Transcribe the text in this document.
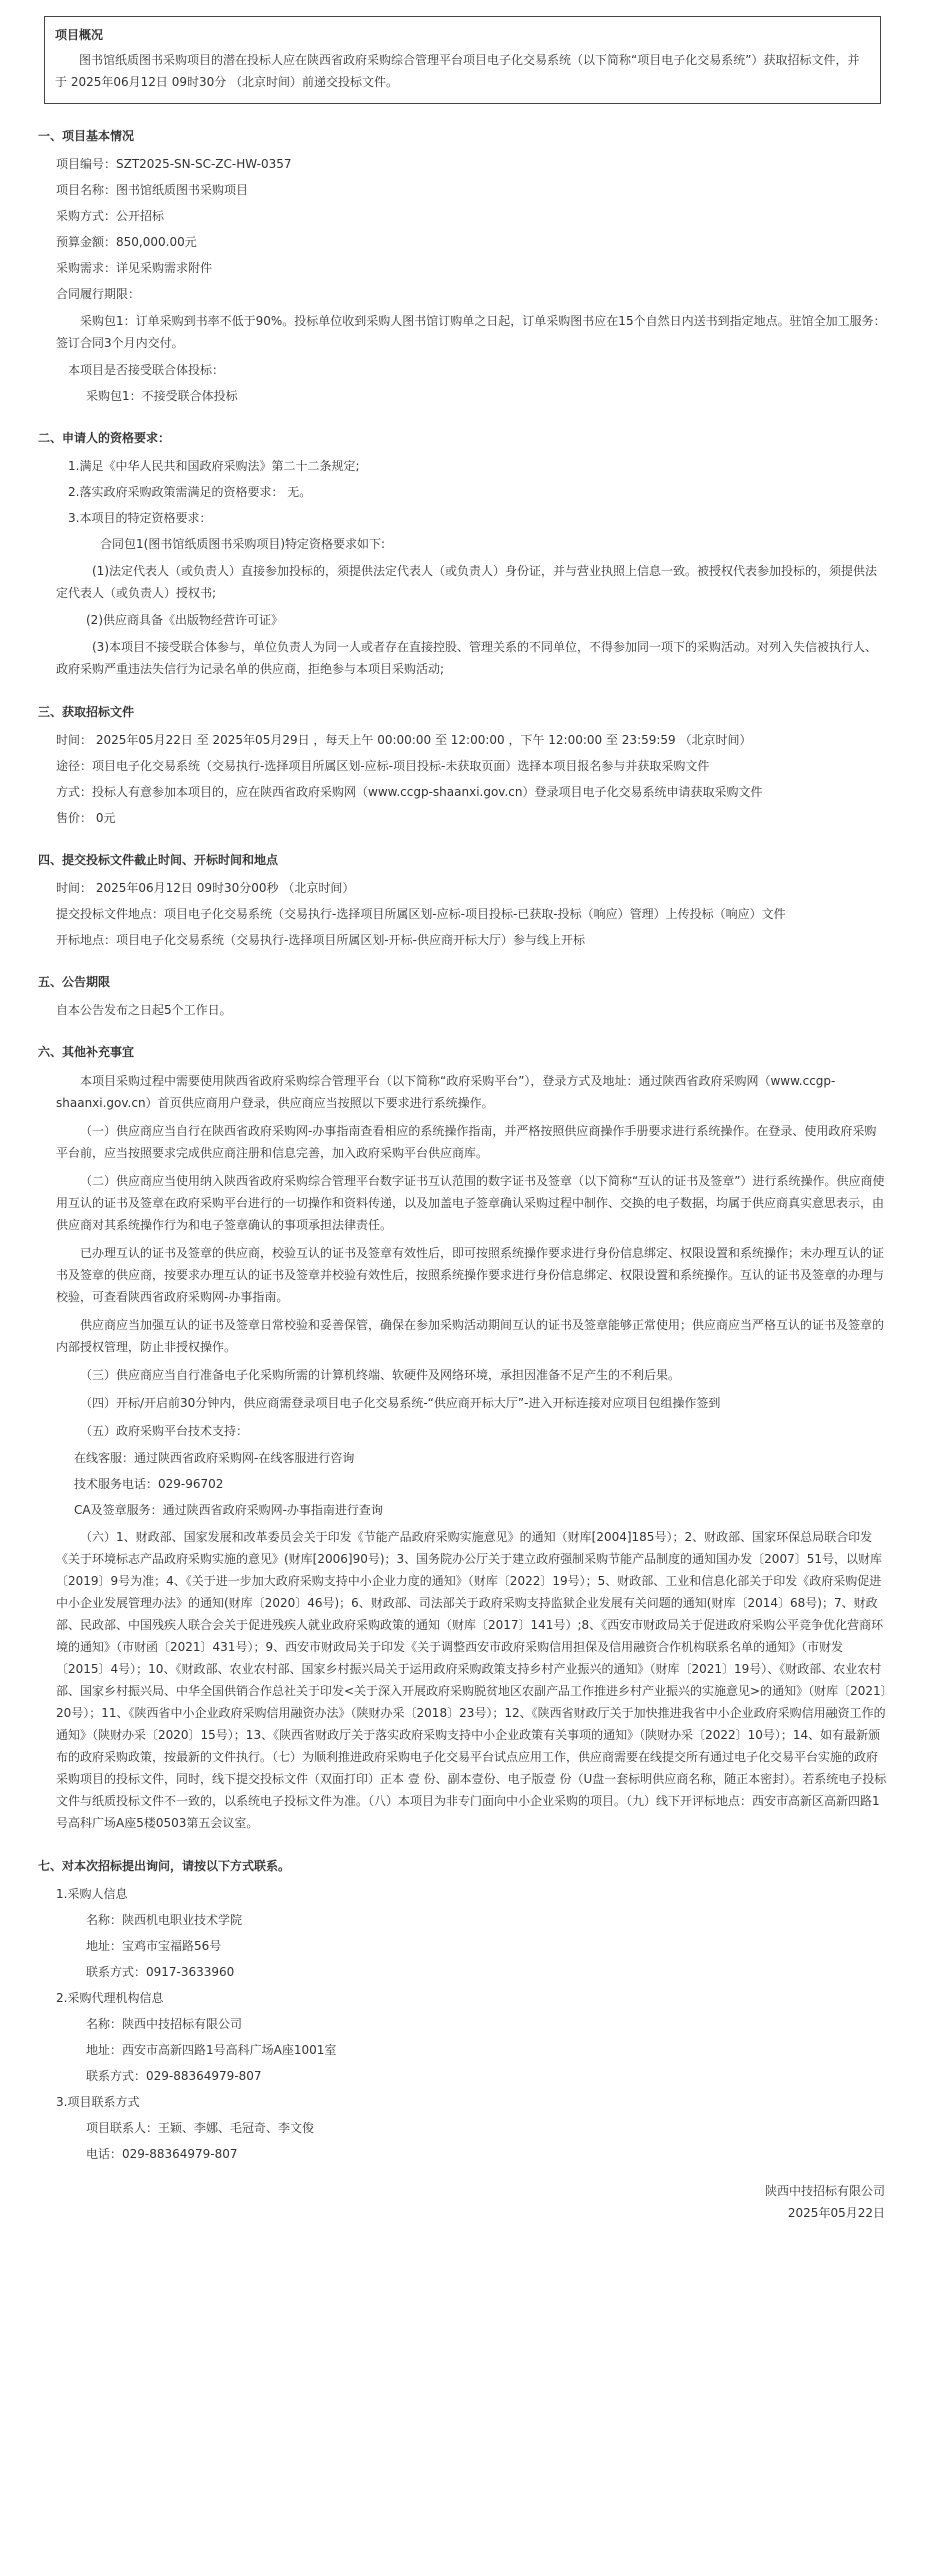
项目概况
图书馆纸质图书采购项目的潜在投标人应在陕西省政府采购综合管理平台项目电子化交易系统（以下简称“项目电子化交易系统”）获取招标文件，并于 2025年06月12日 09时30分 （北京时间）前递交投标文件。
一、项目基本情况
项目编号：SZT2025-SN-SC-ZC-HW-0357
项目名称：图书馆纸质图书采购项目
采购方式：公开招标
预算金额：850,000.00元
采购需求：详见采购需求附件
合同履行期限：
采购包1：订单采购到书率不低于90%。投标单位收到采购人图书馆订购单之日起，订单采购图书应在15个自然日内送书到指定地点。驻馆全加工服务：签订合同3个月内交付。
本项目是否接受联合体投标：
采购包1：不接受联合体投标
二、申请人的资格要求：
1.满足《中华人民共和国政府采购法》第二十二条规定;
2.落实政府采购政策需满足的资格要求： 无。
3.本项目的特定资格要求：
合同包1(图书馆纸质图书采购项目)特定资格要求如下:
(1)法定代表人（或负责人）直接参加投标的，须提供法定代表人（或负责人）身份证，并与营业执照上信息一致。被授权代表参加投标的，须提供法定代表人（或负责人）授权书;
(2)供应商具备《出版物经营许可证》
(3)本项目不接受联合体参与，单位负责人为同一人或者存在直接控股、管理关系的不同单位，不得参加同一项下的采购活动。对列入失信被执行人、政府采购严重违法失信行为记录名单的供应商，拒绝参与本项目采购活动;
三、获取招标文件
时间： 2025年05月22日 至 2025年05月29日 ，每天上午 00:00:00 至 12:00:00 ，下午 12:00:00 至 23:59:59 （北京时间）
途径：项目电子化交易系统（交易执行-选择项目所属区划-应标-项目投标-未获取页面）选择本项目报名参与并获取采购文件
方式：投标人有意参加本项目的，应在陕西省政府采购网（www.ccgp-shaanxi.gov.cn）登录项目电子化交易系统申请获取采购文件
售价： 0元
四、提交投标文件截止时间、开标时间和地点
时间： 2025年06月12日 09时30分00秒 （北京时间）
提交投标文件地点：项目电子化交易系统（交易执行-选择项目所属区划-应标-项目投标-已获取-投标（响应）管理）上传投标（响应）文件
开标地点：项目电子化交易系统（交易执行-选择项目所属区划-开标-供应商开标大厅）参与线上开标
五、公告期限
自本公告发布之日起5个工作日。
六、其他补充事宜
本项目采购过程中需要使用陕西省政府采购综合管理平台（以下简称“政府采购平台”），登录方式及地址：通过陕西省政府采购网（www.ccgp-shaanxi.gov.cn）首页供应商用户登录，供应商应当按照以下要求进行系统操作。
（一）供应商应当自行在陕西省政府采购网-办事指南查看相应的系统操作指南，并严格按照供应商操作手册要求进行系统操作。在登录、使用政府采购平台前，应当按照要求完成供应商注册和信息完善，加入政府采购平台供应商库。
（二）供应商应当使用纳入陕西省政府采购综合管理平台数字证书互认范围的数字证书及签章（以下简称“互认的证书及签章”）进行系统操作。供应商使用互认的证书及签章在政府采购平台进行的一切操作和资料传递，以及加盖电子签章确认采购过程中制作、交换的电子数据，均属于供应商真实意思表示，由供应商对其系统操作行为和电子签章确认的事项承担法律责任。
已办理互认的证书及签章的供应商，校验互认的证书及签章有效性后，即可按照系统操作要求进行身份信息绑定、权限设置和系统操作；未办理互认的证书及签章的供应商，按要求办理互认的证书及签章并校验有效性后，按照系统操作要求进行身份信息绑定、权限设置和系统操作。互认的证书及签章的办理与校验，可查看陕西省政府采购网-办事指南。
供应商应当加强互认的证书及签章日常校验和妥善保管，确保在参加采购活动期间互认的证书及签章能够正常使用；供应商应当严格互认的证书及签章的内部授权管理，防止非授权操作。
（三）供应商应当自行准备电子化采购所需的计算机终端、软硬件及网络环境，承担因准备不足产生的不利后果。
（四）开标/开启前30分钟内，供应商需登录项目电子化交易系统-“供应商开标大厅”-进入开标连接对应项目包组操作签到
（五）政府采购平台技术支持：
在线客服：通过陕西省政府采购网-在线客服进行咨询
技术服务电话：029-96702
CA及签章服务：通过陕西省政府采购网-办事指南进行查询
（六）1、财政部、国家发展和改革委员会关于印发《节能产品政府采购实施意见》的通知（财库[2004]185号）；2、财政部、国家环保总局联合印发《关于环境标志产品政府采购实施的意见》(财库[2006]90号)；3、国务院办公厅关于建立政府强制采购节能产品制度的通知国办发〔2007〕51号，以财库〔2019〕9号为准；4、《关于进一步加大政府采购支持中小企业力度的通知》（财库〔2022〕19号）；5、财政部、工业和信息化部关于印发《政府采购促进中小企业发展管理办法》的通知(财库〔2020〕46号)；6、财政部、司法部关于政府采购支持监狱企业发展有关问题的通知(财库〔2014〕68号)；7、财政部、民政部、中国残疾人联合会关于促进残疾人就业政府采购政策的通知（财库〔2017〕141号）;8、《西安市财政局关于促进政府采购公平竞争优化营商环境的通知》（市财函〔2021〕431号）；9、西安市财政局关于印发《关于调整西安市政府采购信用担保及信用融资合作机构联系名单的通知》（市财发〔2015〕4号）；10、《财政部、农业农村部、国家乡村振兴局关于运用政府采购政策支持乡村产业振兴的通知》（财库〔2021〕19号）、《财政部、农业农村部、国家乡村振兴局、中华全国供销合作总社关于印发<关于深入开展政府采购脱贫地区农副产品工作推进乡村产业振兴的实施意见>的通知》（财库〔2021〕20号）；11、《陕西省中小企业政府采购信用融资办法》（陕财办采〔2018〕23号）；12、《陕西省财政厅关于加快推进我省中小企业政府采购信用融资工作的通知》（陕财办采〔2020〕15号）；13、《陕西省财政厅关于落实政府采购支持中小企业政策有关事项的通知》（陕财办采〔2022〕10号）；14、如有最新颁布的政府采购政策，按最新的文件执行。（七）为顺利推进政府采购电子化交易平台试点应用工作，供应商需要在线提交所有通过电子化交易平台实施的政府采购项目的投标文件，同时，线下提交投标文件（双面打印）正本 壹 份、副本壹份、电子版壹 份（U盘一套标明供应商名称，随正本密封）。若系统电子投标文件与纸质投标文件不一致的，以系统电子投标文件为准。（八）本项目为非专门面向中小企业采购的项目。（九）线下开评标地点：西安市高新区高新四路1号高科广场A座5楼0503第五会议室。
七、对本次招标提出询问，请按以下方式联系。
1.采购人信息
名称：陕西机电职业技术学院
地址：宝鸡市宝福路56号
联系方式：0917-3633960
2.采购代理机构信息
名称：陕西中技招标有限公司
地址：西安市高新四路1号高科广场A座1001室
联系方式：029-88364979-807
3.项目联系方式
项目联系人：王颖、李娜、毛冠奇、李文俊
电话：029-88364979-807
陕西中技招标有限公司
2025年05月22日
